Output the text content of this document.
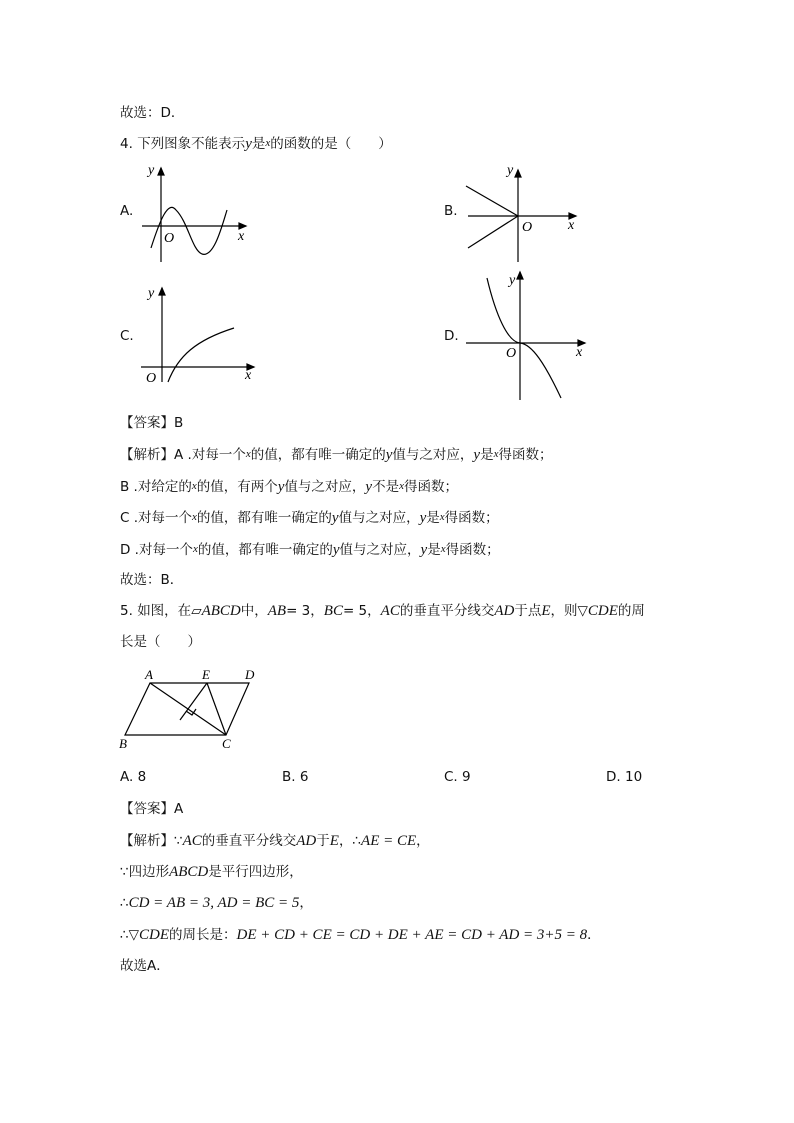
故选：D．
4. 下列图象不能表示y是x的函数的是（　　）
A.	B.
C.	D.
y
x
O
y
x
O
y
x
O
y
x
O
A	E	D
B	C
【答案】B
【解析】A .对每一个x的值，都有唯一确定的y值与之对应，y是x得函数；
B .对给定的x的值，有两个y值与之对应，y不是x得函数；
C .对每一个x的值，都有唯一确定的y值与之对应，y是x得函数；
D .对每一个x的值，都有唯一确定的y值与之对应，y是x得函数；
故选：B．
5. 如图，在▱ABCD中，AB= 3，BC= 5，AC的垂直平分线交AD于点E，则▽CDE的周
长是（　　）
A. 8	B. 6	C. 9	D. 10
【答案】A
【解析】∵AC的垂直平分线交AD于E，∴AE = CE，
∵四边形ABCD是平行四边形，
∴CD = AB = 3, AD = BC = 5，
∴▽CDE的周长是：DE + CD + CE = CD + DE + AE = CD + AD = 3+5 = 8．
故选A．
